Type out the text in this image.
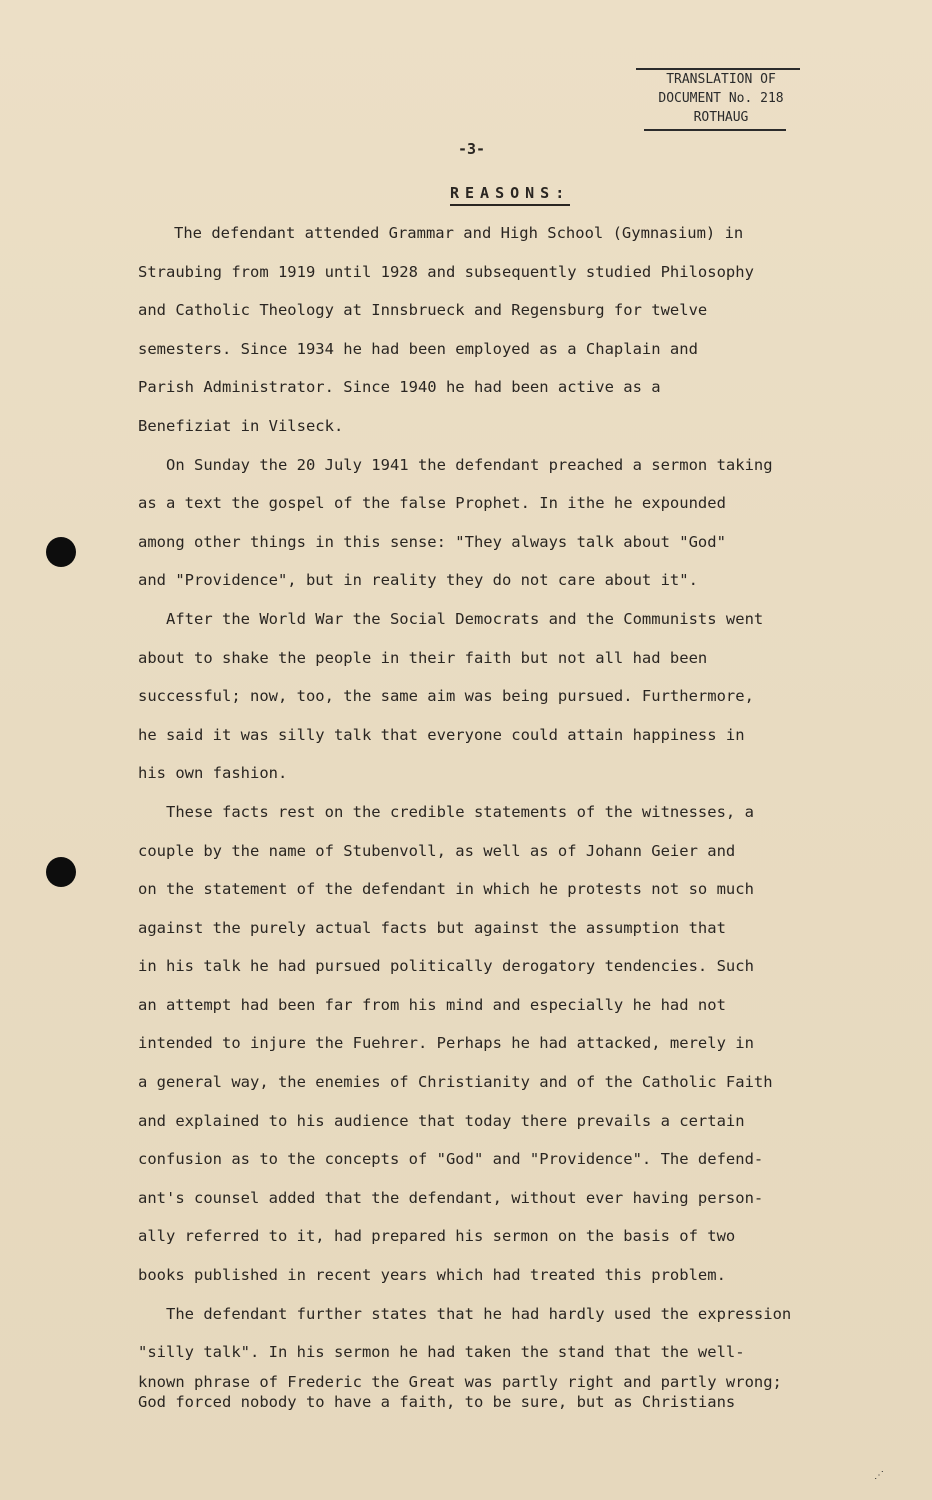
TRANSLATION OF
DOCUMENT No. 218
ROTHAUG
-3-
REASONS:
The defendant attended Grammar and High School (Gymnasium) in
Straubing from 1919 until 1928 and subsequently studied Philosophy
and Catholic Theology at Innsbrueck and Regensburg for twelve
semesters. Since 1934 he had been employed as a Chaplain and
Parish Administrator. Since 1940 he had been active as a
Benefiziat in Vilseck.
On Sunday the 20 July 1941 the defendant preached a sermon taking
as a text the gospel of the false Prophet. In ithe he expounded
among other things in this sense: "They always talk about "God"
and "Providence", but in reality they do not care about it".
After the World War the Social Democrats and the Communists went
about to shake the people in their faith but not all had been
successful; now, too, the same aim was being pursued. Furthermore,
he said it was silly talk that everyone could attain happiness in
his own fashion.
These facts rest on the credible statements of the witnesses, a
couple by the name of Stubenvoll, as well as of Johann Geier and
on the statement of the defendant in which he protests not so much
against the purely actual facts but against the assumption that
in his talk he had pursued politically derogatory tendencies. Such
an attempt had been far from his mind and especially he had not
intended to injure the Fuehrer. Perhaps he had attacked, merely in
a general way, the enemies of Christianity and of the Catholic Faith
and explained to his audience that today there prevails a certain
confusion as to the concepts of "God" and "Providence". The defend-
ant's counsel added that the defendant, without ever having person-
ally referred to it, had prepared his sermon on the basis of two
books published in recent years which had treated this problem.
The defendant further states that he had hardly used the expression
"silly talk". In his sermon he had taken the stand that the well-
known phrase of Frederic the Great was partly right and partly wrong;
God forced nobody to have a faith, to be sure, but as Christians
⋰
